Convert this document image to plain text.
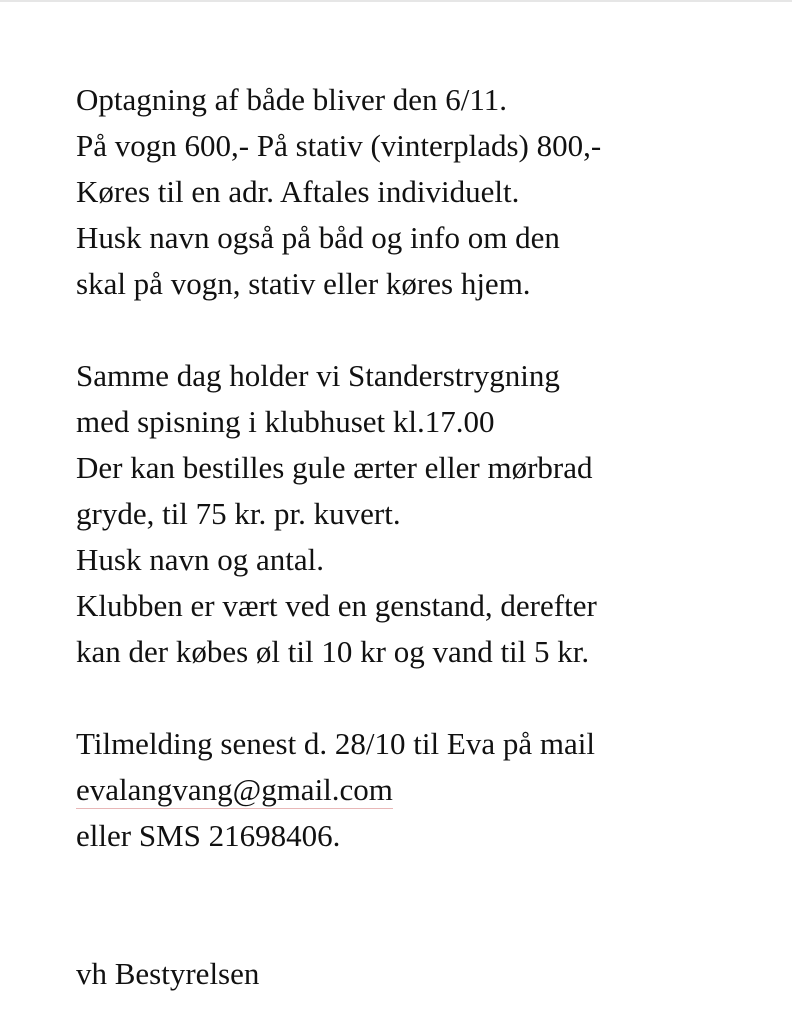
Optagning af både bliver den 6/11.
På vogn 600,- På stativ (vinterplads) 800,-
Køres til en adr. Aftales individuelt.
Husk navn også på båd og info om den
skal på vogn, stativ eller køres hjem.
Samme dag holder vi Standerstrygning
med spisning i klubhuset kl.17.00
Der kan bestilles gule ærter eller mørbrad
gryde, til 75 kr. pr. kuvert.
Husk navn og antal.
Klubben er vært ved en genstand, derefter
kan der købes øl til 10 kr og vand til 5 kr.
Tilmelding senest d. 28/10 til Eva på mail
evalangvang@gmail.com
eller SMS 21698406.
vh Bestyrelsen
